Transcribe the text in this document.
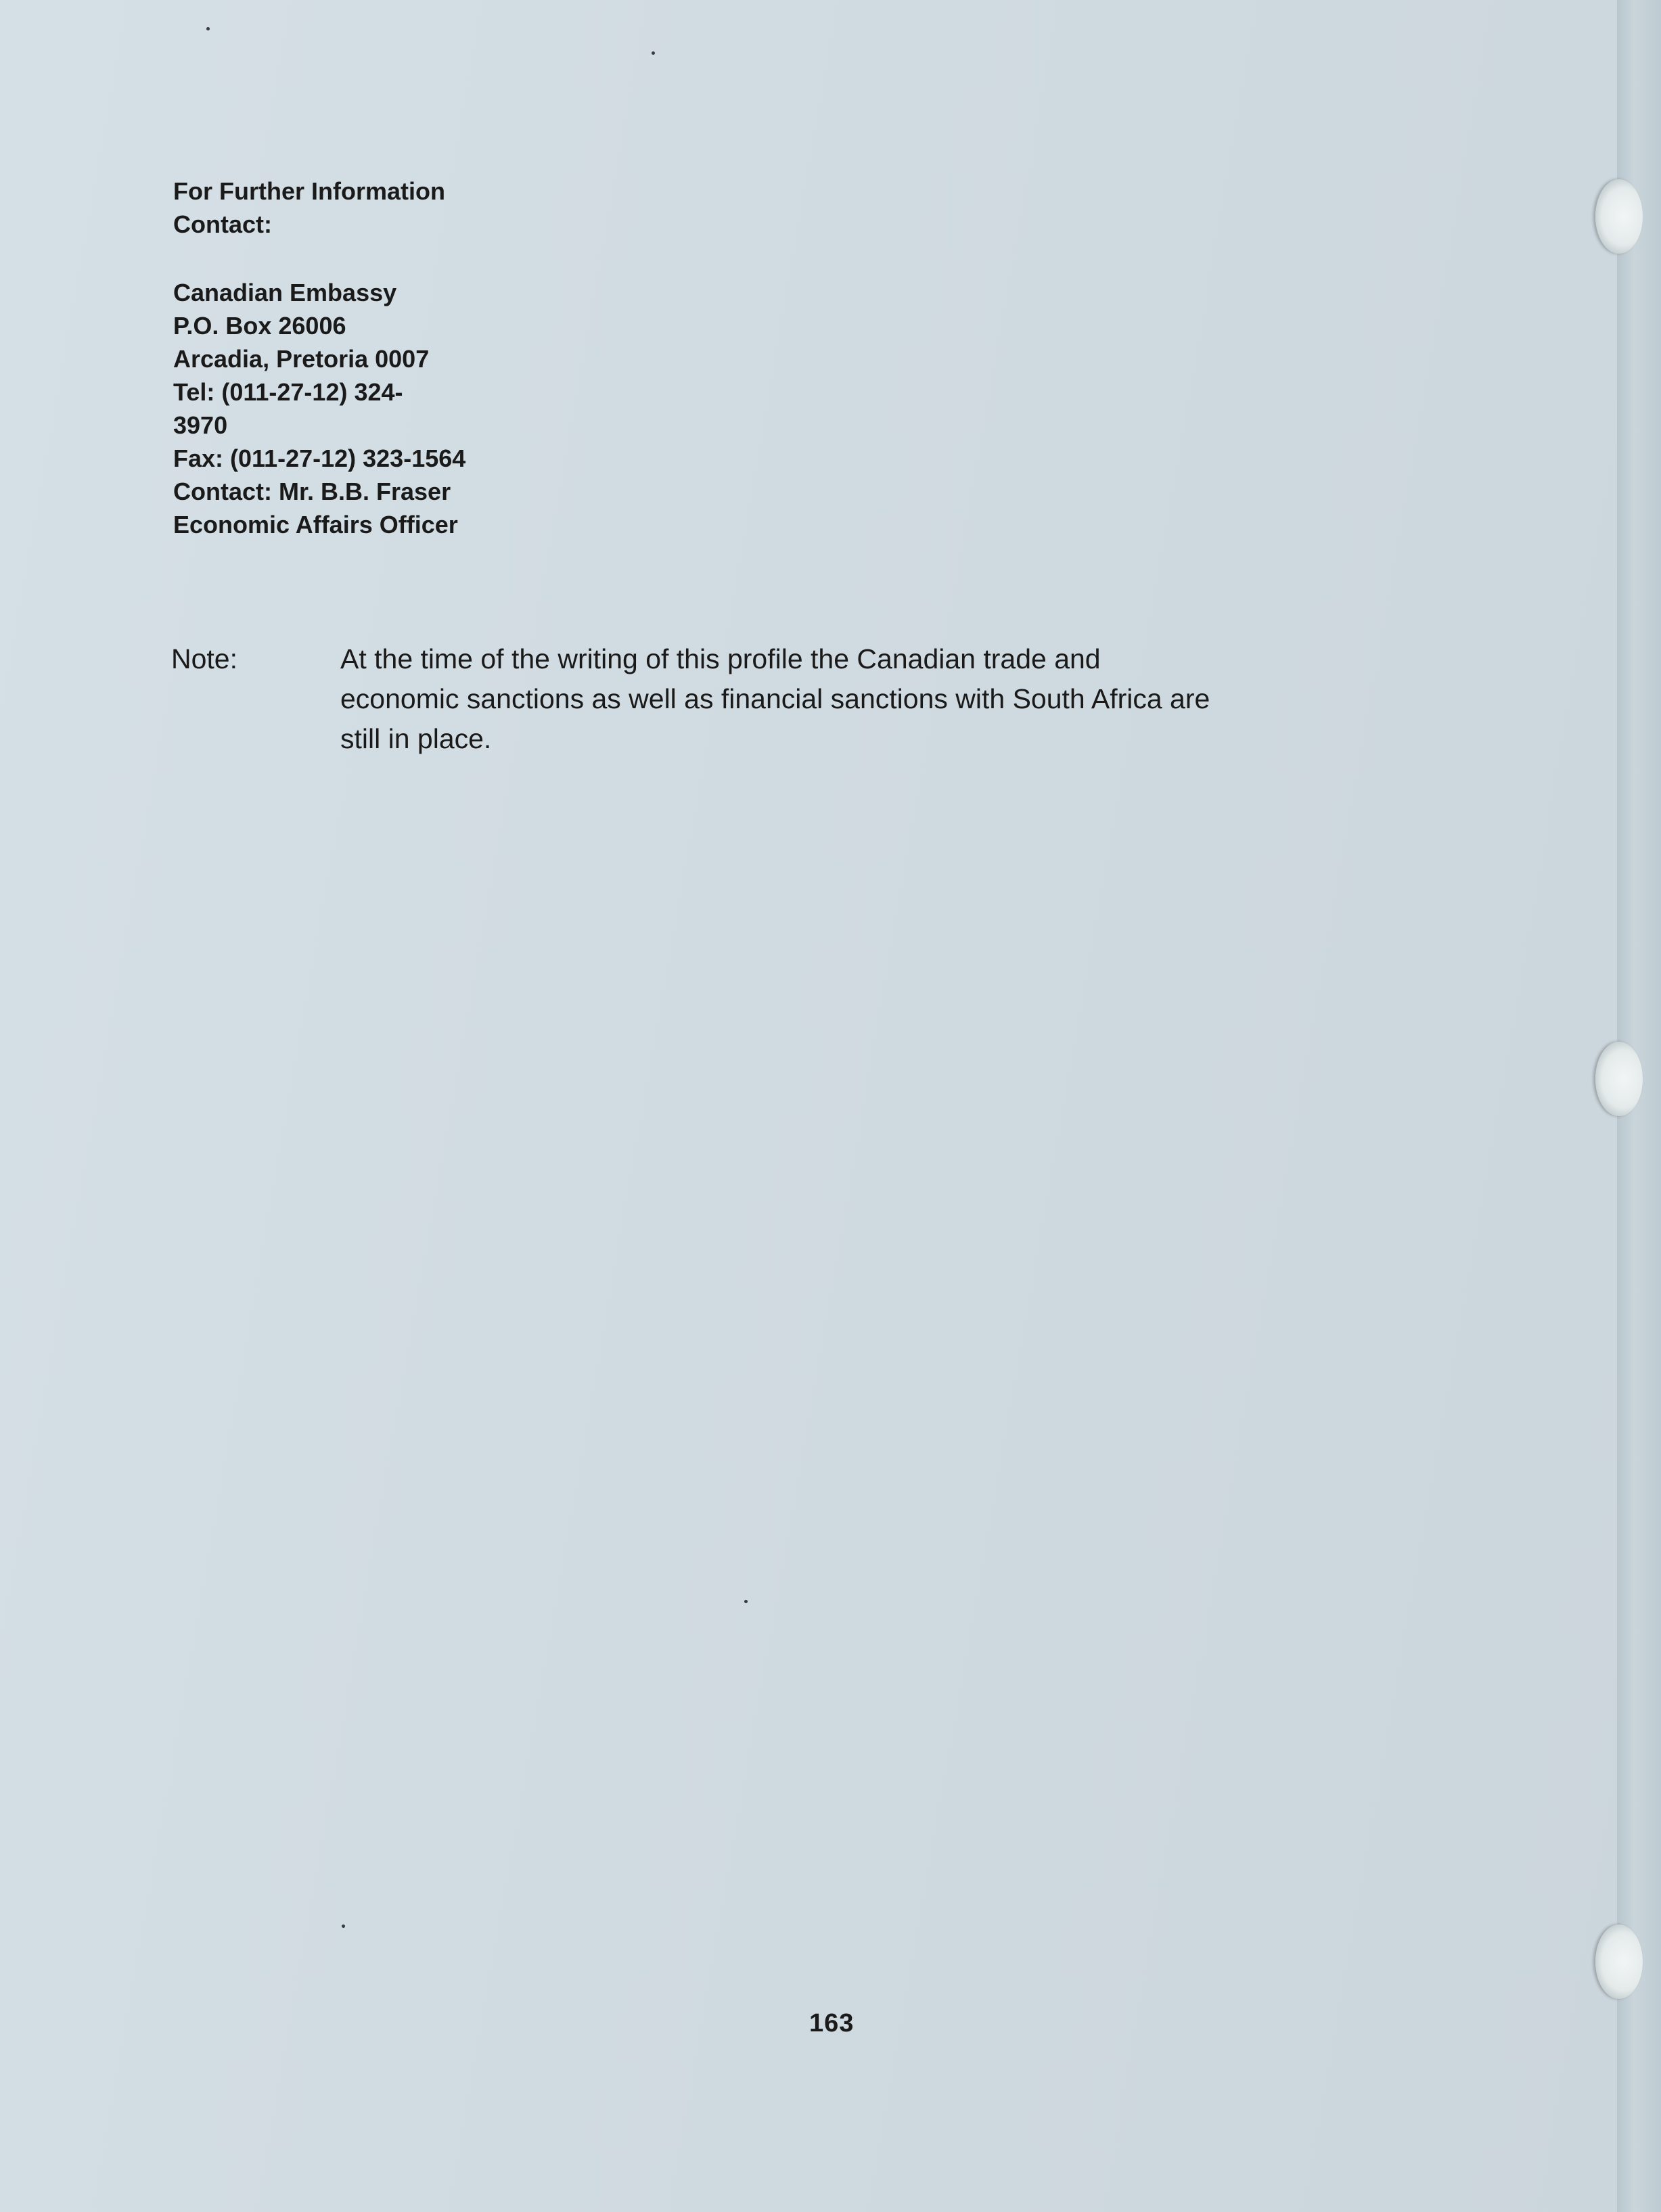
For Further Information
Contact:
Canadian Embassy
P.O. Box 26006
Arcadia, Pretoria 0007
Tel: (011-27-12) 324-
3970
Fax: (011-27-12) 323-1564
Contact: Mr. B.B. Fraser
Economic Affairs Officer
Note:	At the time of the writing of this profile the Canadian trade and
economic sanctions as well as financial sanctions with South Africa are
still in place.
163
